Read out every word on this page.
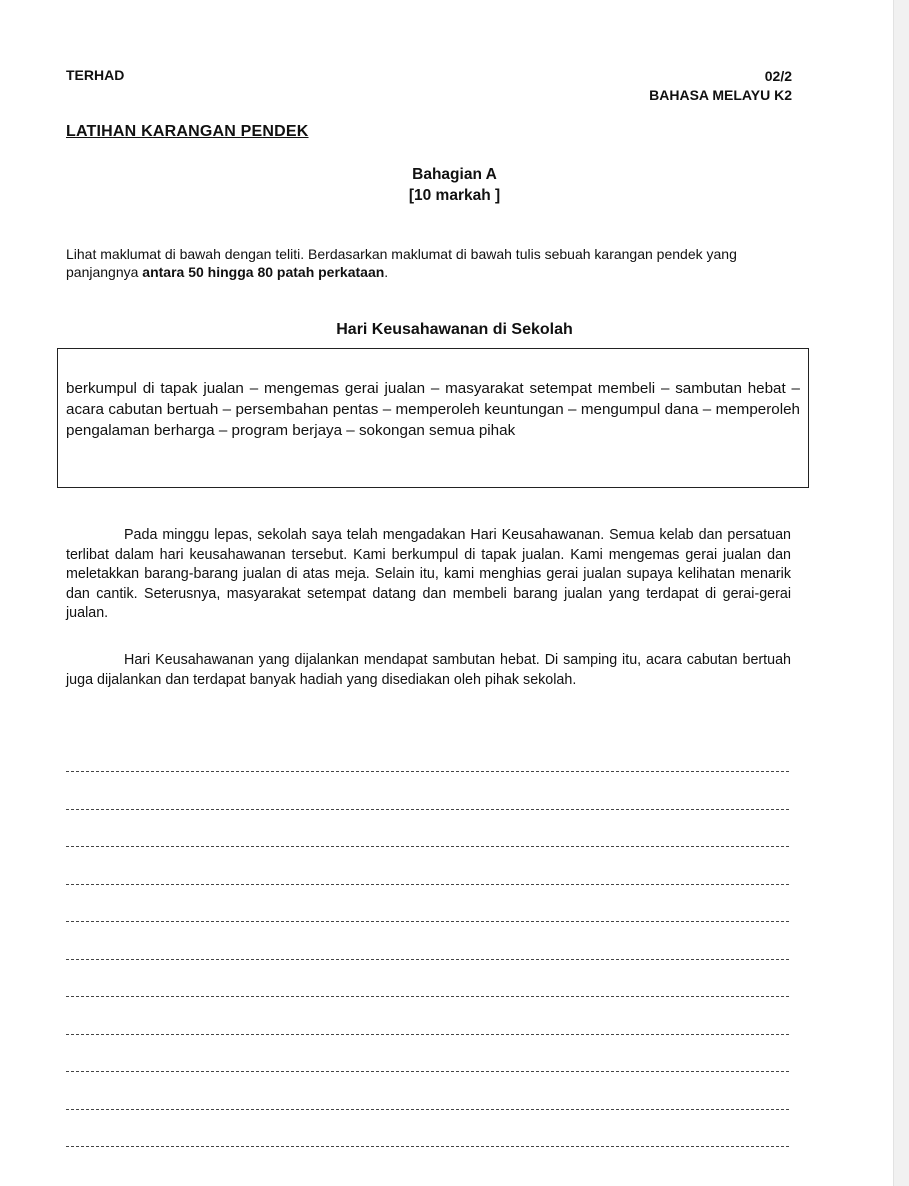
TERHAD	02/2
BAHASA MELAYU K2
LATIHAN KARANGAN PENDEK
Bahagian A
[10 markah ]
Lihat maklumat di bawah dengan teliti. Berdasarkan maklumat di bawah tulis sebuah karangan pendek yang panjangnya antara 50 hingga 80 patah perkataan.
Hari Keusahawanan di Sekolah
berkumpul di tapak jualan – mengemas gerai jualan – masyarakat setempat membeli – sambutan hebat – acara cabutan bertuah – persembahan pentas – memperoleh keuntungan – mengumpul dana – memperoleh pengalaman berharga – program berjaya – sokongan semua pihak

Pada minggu lepas, sekolah saya telah mengadakan Hari Keusahawanan. Semua kelab dan persatuan terlibat dalam hari keusahawanan tersebut. Kami berkumpul di tapak jualan. Kami mengemas gerai jualan dan meletakkan barang-barang jualan di atas meja. Selain itu, kami menghias gerai jualan supaya kelihatan menarik dan cantik. Seterusnya, masyarakat setempat datang dan membeli barang jualan yang terdapat di gerai-gerai jualan.

Hari Keusahawanan yang dijalankan mendapat sambutan hebat. Di samping itu, acara cabutan bertuah juga dijalankan dan terdapat banyak hadiah yang disediakan oleh pihak sekolah.
